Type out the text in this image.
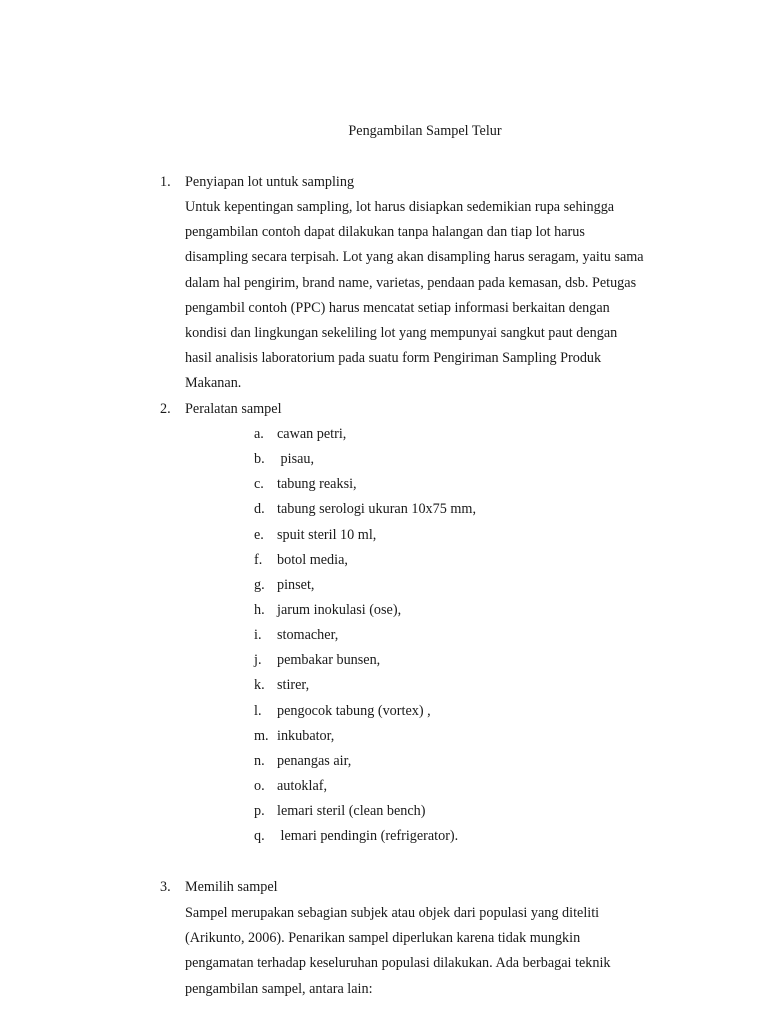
Pengambilan Sampel Telur
1. Penyiapan lot untuk sampling
Untuk kepentingan sampling, lot harus disiapkan sedemikian rupa sehingga
pengambilan contoh dapat dilakukan tanpa halangan dan tiap lot harus
disampling secara terpisah. Lot yang akan disampling harus seragam, yaitu sama
dalam hal pengirim, brand name, varietas, pendaan pada kemasan, dsb. Petugas
pengambil contoh (PPC) harus mencatat setiap informasi berkaitan dengan
kondisi dan lingkungan sekeliling lot yang mempunyai sangkut paut dengan
hasil analisis laboratorium pada suatu form Pengiriman Sampling Produk
Makanan.
2. Peralatan sampel
a. cawan petri,
b. pisau,
c. tabung reaksi,
d. tabung serologi ukuran 10x75 mm,
e. spuit steril 10 ml,
f. botol media,
g. pinset,
h. jarum inokulasi (ose),
i. stomacher,
j. pembakar bunsen,
k. stirer,
l. pengocok tabung (vortex) ,
m. inkubator,
n. penangas air,
o. autoklaf,
p. lemari steril (clean bench)
q. lemari pendingin (refrigerator).
3. Memilih sampel
Sampel merupakan sebagian subjek atau objek dari populasi yang diteliti
(Arikunto, 2006). Penarikan sampel diperlukan karena tidak mungkin
pengamatan terhadap keseluruhan populasi dilakukan. Ada berbagai teknik
pengambilan sampel, antara lain:
